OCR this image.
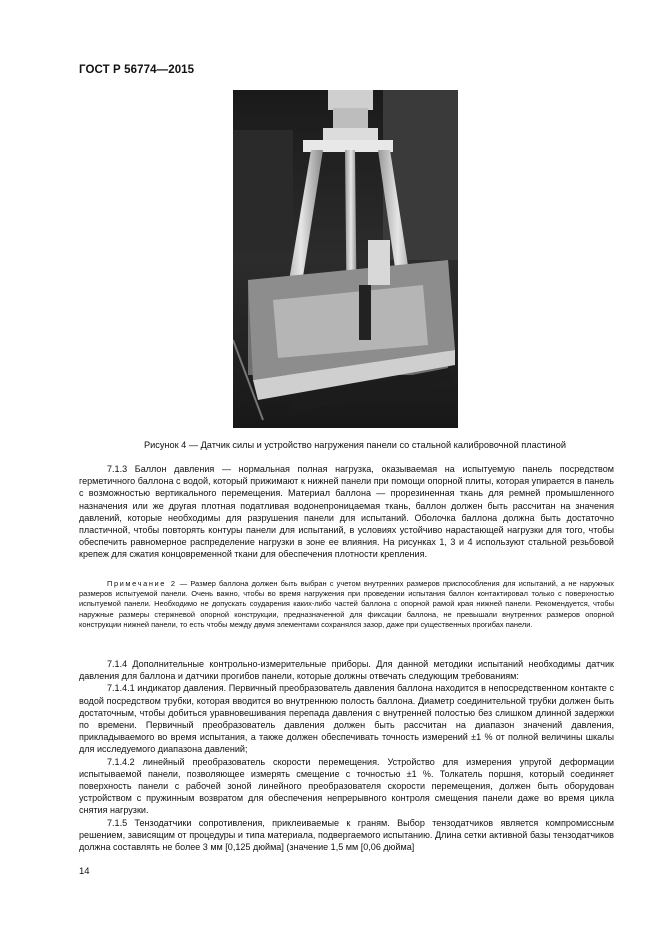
ГОСТ Р 56774—2015
Рисунок 4 — Датчик силы и устройство нагружения панели со стальной калибровочной пластиной

7.1.3 Баллон давления — нормальная полная нагрузка, оказываемая на испытуемую панель посредством герметичного баллона с водой, который прижимают к нижней панели при помощи опорной плиты, которая упирается в панель с возможностью вертикального перемещения. Материал баллона — прорезиненная ткань для ремней промышленного назначения или же другая плотная податливая водонепроницаемая ткань, баллон должен быть рассчитан на значения давлений, которые необходимы для разрушения панели для испытаний. Оболочка баллона должна быть достаточно пластичной, чтобы повторять контуры панели для испытаний, в условиях устойчиво нарастающей нагрузки для того, чтобы обеспечить равномерное распределение нагрузки в зоне ее влияния. На рисунках 1, 3 и 4 используют стальной резьбовой крепеж для сжатия концовременной ткани для обеспечения плотности крепления.

Примечание 2 — Размер баллона должен быть выбран с учетом внутренних размеров приспособления для испытаний, а не наружных размеров испытуемой панели. Очень важно, чтобы во время нагружения при проведении испытания баллон контактировал только с поверхностью испытуемой панели. Необходимо не допускать соударения каких-либо частей баллона с опорной рамой края нижней панели. Рекомендуется, чтобы наружные размеры стержневой опорной конструкции, предназначенной для фиксации баллона, не превышали внутренних размеров опорной конструкции нижней панели, то есть чтобы между двумя элементами сохранялся зазор, даже при существенных прогибах панели.

7.1.4 Дополнительные контрольно-измерительные приборы. Для данной методики испытаний необходимы датчик давления для баллона и датчики прогибов панели, которые должны отвечать следующим требованиям:

7.1.4.1 индикатор давления. Первичный преобразователь давления баллона находится в непосредственном контакте с водой посредством трубки, которая вводится во внутреннюю полость баллона. Диаметр соединительной трубки должен быть достаточным, чтобы добиться уравновешивания перепада давления с внутренней полостью без слишком длинной задержки по времени. Первичный преобразователь давления должен быть рассчитан на диапазон значений давления, прикладываемого во время испытания, а также должен обеспечивать точность измерений ±1 % от полной величины шкалы для исследуемого диапазона давлений;

7.1.4.2 линейный преобразователь скорости перемещения. Устройство для измерения упругой деформации испытываемой панели, позволяющее измерять смещение с точностью ±1 %. Толкатель поршня, который соединяет поверхность панели с рабочей зоной линейного преобразователя скорости перемещения, должен быть оборудован устройством с пружинным возвратом для обеспечения непрерывного контроля смещения панели даже во время цикла снятия нагрузки.

7.1.5 Тензодатчики сопротивления, приклеиваемые к граням. Выбор тензодатчиков является компромиссным решением, зависящим от процедуры и типа материала, подвергаемого испытанию. Длина сетки активной базы тензодатчиков должна составлять не более 3 мм [0,125 дюйма] (значение 1,5 мм [0,06 дюйма]

14
